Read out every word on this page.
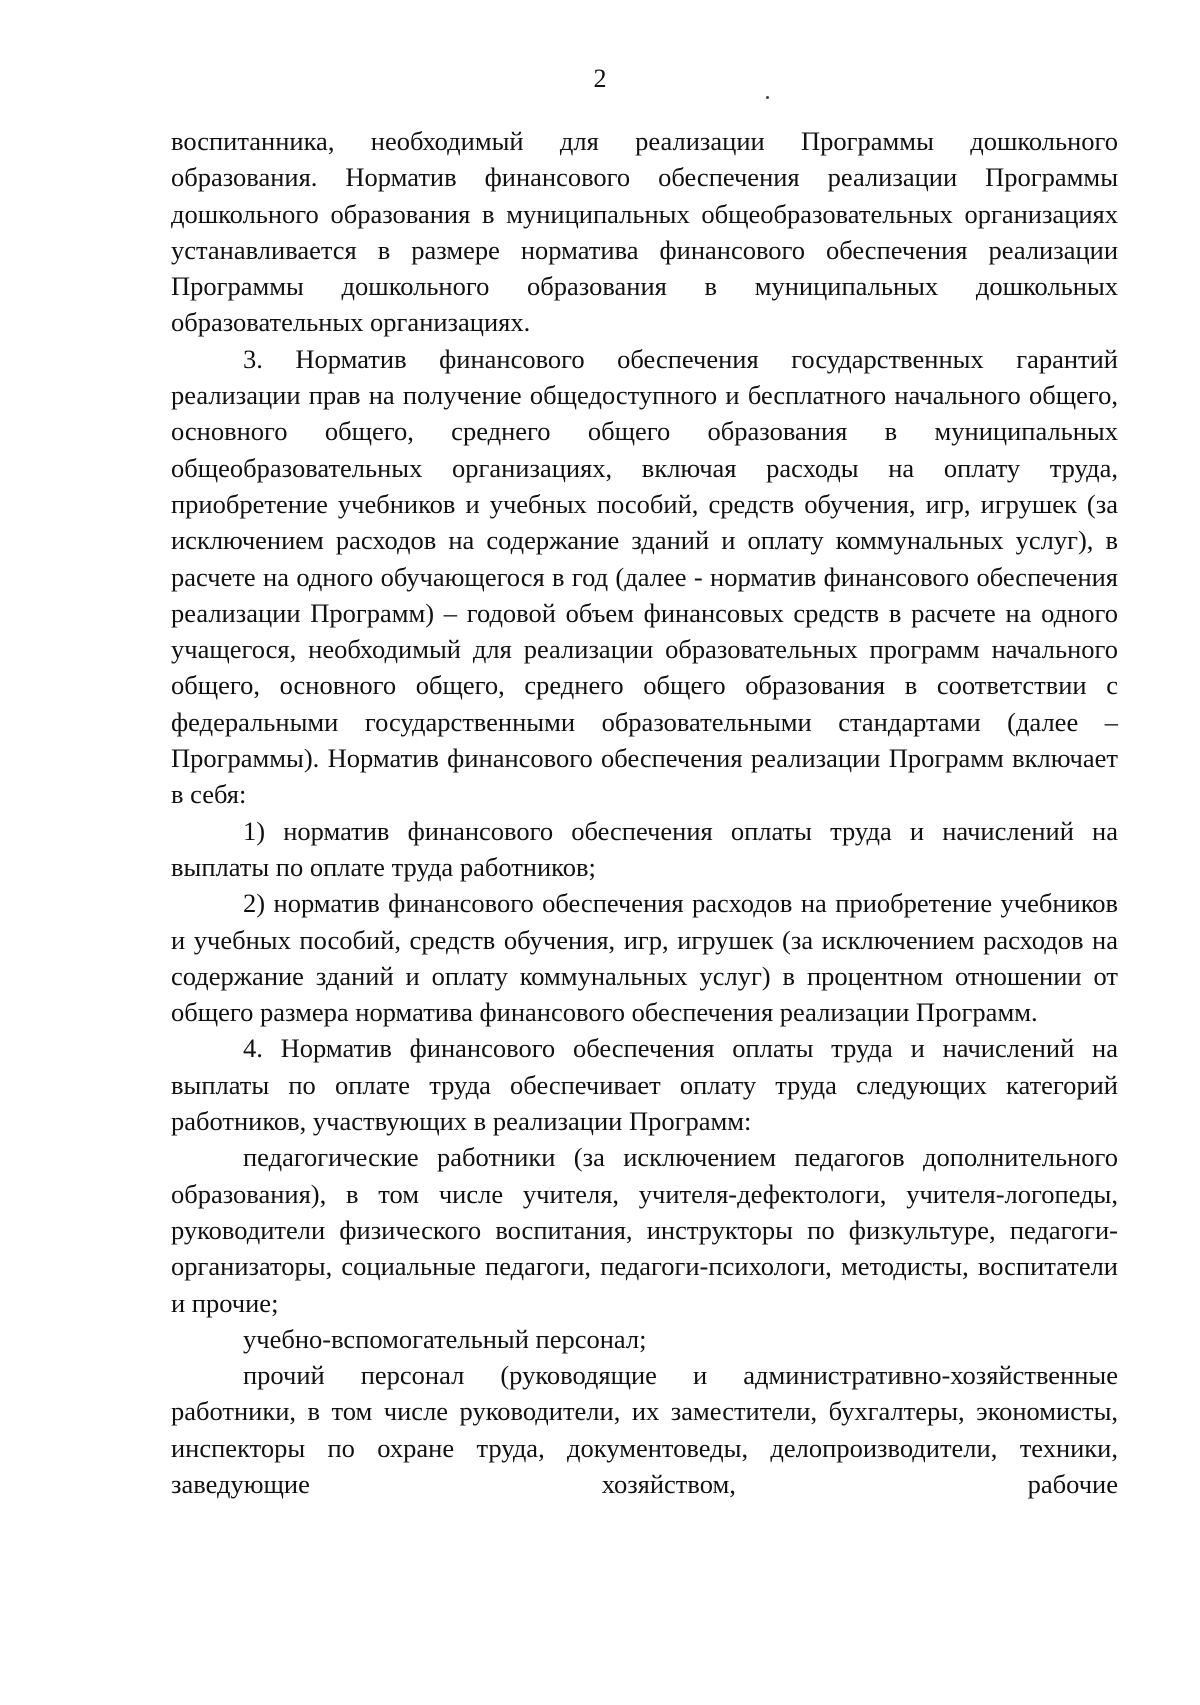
2

воспитанника, необходимый для реализации Программы дошкольного образования. Норматив финансового обеспечения реализации Программы дошкольного образования в муниципальных общеобразовательных организациях устанавливается в размере норматива финансового обеспечения реализации Программы дошкольного образования в муниципальных дошкольных образовательных организациях.

3. Норматив финансового обеспечения государственных гарантий реализации прав на получение общедоступного и бесплатного начального общего, основного общего, среднего общего образования в муниципальных общеобразовательных организациях, включая расходы на оплату труда, приобретение учебников и учебных пособий, средств обучения, игр, игрушек (за исключением расходов на содержание зданий и оплату коммунальных услуг), в расчете на одного обучающегося в год (далее - норматив финансового обеспечения реализации Программ) – годовой объем финансовых средств в расчете на одного учащегося, необходимый для реализации образовательных программ начального общего, основного общего, среднего общего образования в соответствии с федеральными государственными образовательными стандартами (далее – Программы). Норматив финансового обеспечения реализации Программ включает в себя:

1) норматив финансового обеспечения оплаты труда и начислений на выплаты по оплате труда работников;

2) норматив финансового обеспечения расходов на приобретение учебников и учебных пособий, средств обучения, игр, игрушек (за исключением расходов на содержание зданий и оплату коммунальных услуг) в процентном отношении от общего размера норматива финансового обеспечения реализации Программ.

4. Норматив финансового обеспечения оплаты труда и начислений на выплаты по оплате труда обеспечивает оплату труда следующих категорий работников, участвующих в реализации Программ:

педагогические работники (за исключением педагогов дополнительного образования), в том числе учителя, учителя-дефектологи, учителя-логопеды, руководители физического воспитания, инструкторы по физкультуре, педагоги-организаторы, социальные педагоги, педагоги-психологи, методисты, воспитатели и прочие;

учебно-вспомогательный персонал;

прочий персонал (руководящие и административно-хозяйственные работники, в том числе руководители, их заместители, бухгалтеры, экономисты, инспекторы по охране труда, документоведы, делопроизводители, техники, заведующие хозяйством, рабочие
